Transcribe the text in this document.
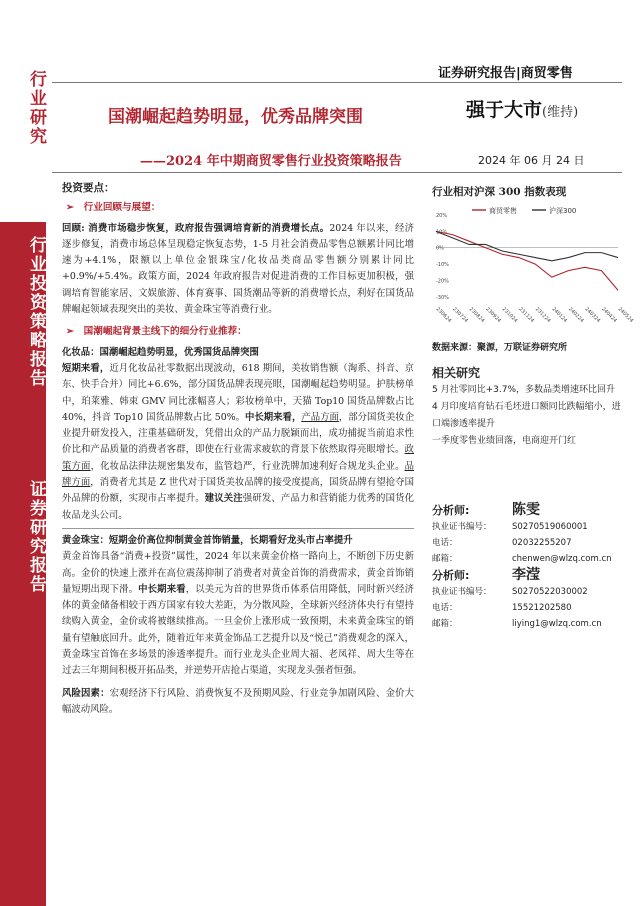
行业研究
行业投资策略报告
证券研究报告
证券研究报告|商贸零售
国潮崛起趋势明显，优秀品牌突围
——2024 年中期商贸零售行业投资策略报告
强于大市(维持)
2024 年 06 月 24 日
投资要点：
➢　行业回顾与展望：

回顾: 消费市场稳步恢复，政府报告强调培育新的消费增长点。2024 年以来，经济逐步修复，消费市场总体呈现稳定恢复态势，1-5 月社会消费品零售总额累计同比增速为+4.1%，限额以上单位金银珠宝/化妆品类商品零售额分别累计同比+0.9%/+5.4%。政策方面，2024 年政府报告对促进消费的工作目标更加积极，强调培育智能家居、文娱旅游、体育赛事、国货潮品等新的消费增长点，利好在国货品牌崛起领域表现突出的美妆、黄金珠宝等消费行业。

➢　国潮崛起背景主线下的细分行业推荐：

化妆品：国潮崛起趋势明显，优秀国货品牌突围

短期来看，近月化妆品社零数据出现波动，618 期间，美妆销售额（淘系、抖音、京东、快手合并）同比+6.6%，部分国货品牌表现亮眼，国潮崛起趋势明显。护肤榜单中，珀莱雅、韩束 GMV 同比涨幅喜人；彩妆榜单中，天猫 Top10 国货品牌数占比 40%，抖音 Top10 国货品牌数占比 50%。中长期来看，产品方面，部分国货美妆企业提升研发投入，注重基础研发，凭借出众的产品力脱颖而出，成功捕捉当前追求性价比和产品质量的消费者客群，即使在行业需求疲软的背景下依然取得亮眼增长。政策方面，化妆品法律法规密集发布，监管趋严，行业洗牌加速利好合规龙头企业。品牌方面，消费者尤其是 Z 世代对于国货美妆品牌的接受度提高，国货品牌有望抢夺国外品牌的份额，实现市占率提升。建议关注强研发、产品力和营销能力优秀的国货化妆品龙头公司。

黄金珠宝：短期金价高位抑制黄金首饰销量，长期看好龙头市占率提升

黄金首饰具备“消费+投资”属性，2024 年以来黄金价格一路向上，不断创下历史新高。金价的快速上涨并在高位震荡抑制了消费者对黄金首饰的消费需求，黄金首饰销量短期出现下滑。中长期来看，以美元为首的世界货币体系信用降低，同时新兴经济体的黄金储备相较于西方国家有较大差距，为分散风险，全球新兴经济体央行有望持续购入黄金，金价或将被继续推高。一旦金价上涨形成一致预期，未来黄金珠宝的销量有望触底回升。此外，随着近年来黄金饰品工艺提升以及“悦己”消费观念的深入，黄金珠宝首饰在多场景的渗透率提升。而行业龙头企业周大福、老凤祥、周大生等在过去三年期间积极开拓品类，并逆势开店抢占渠道，实现龙头强者恒强。

风险因素：宏观经济下行风险、消费恢复不及预期风险、行业竞争加剧风险、金价大幅波动风险。

行业相对沪深 300 指数表现
商贸零售	沪深300
20%
10%
0%
-10%
-20%
-30%
230624
230724
230824
230924
231024
231124
231224
240124
240224
240324
240424
240524
数据来源：聚源，万联证券研究所
相关研究
5 月社零同比+3.7%，多数品类增速环比回升
4 月印度培育钻石毛坯进口额同比跌幅缩小，进口端渗透率提升
一季度零售业绩回落，电商迎开门红
分析师:	陈雯
执业证书编号：	S0270519060001
电话：	02032255207
邮箱：	chenwen@wlzq.com.cn
分析师:	李滢
执业证书编号：	S0270522030002
电话：	15521202580
邮箱：	liying1@wlzq.com.cn
